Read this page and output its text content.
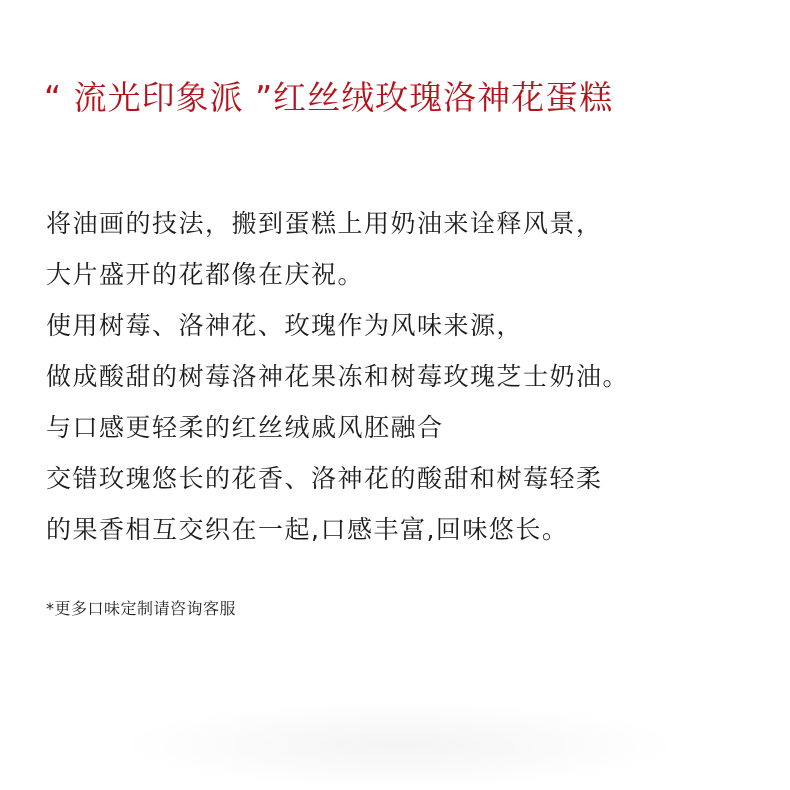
“ 流光印象派 ”红丝绒玫瑰洛神花蛋糕
将油画的技法，搬到蛋糕上用奶油来诠释风景，
大片盛开的花都像在庆祝。
使用树莓、洛神花、玫瑰作为风味来源，
做成酸甜的树莓洛神花果冻和树莓玫瑰芝士奶油。
与口感更轻柔的红丝绒戚风胚融合
交错玫瑰悠长的花香、洛神花的酸甜和树莓轻柔
的果香相互交织在一起,口感丰富,回味悠长。
*更多口味定制请咨询客服
